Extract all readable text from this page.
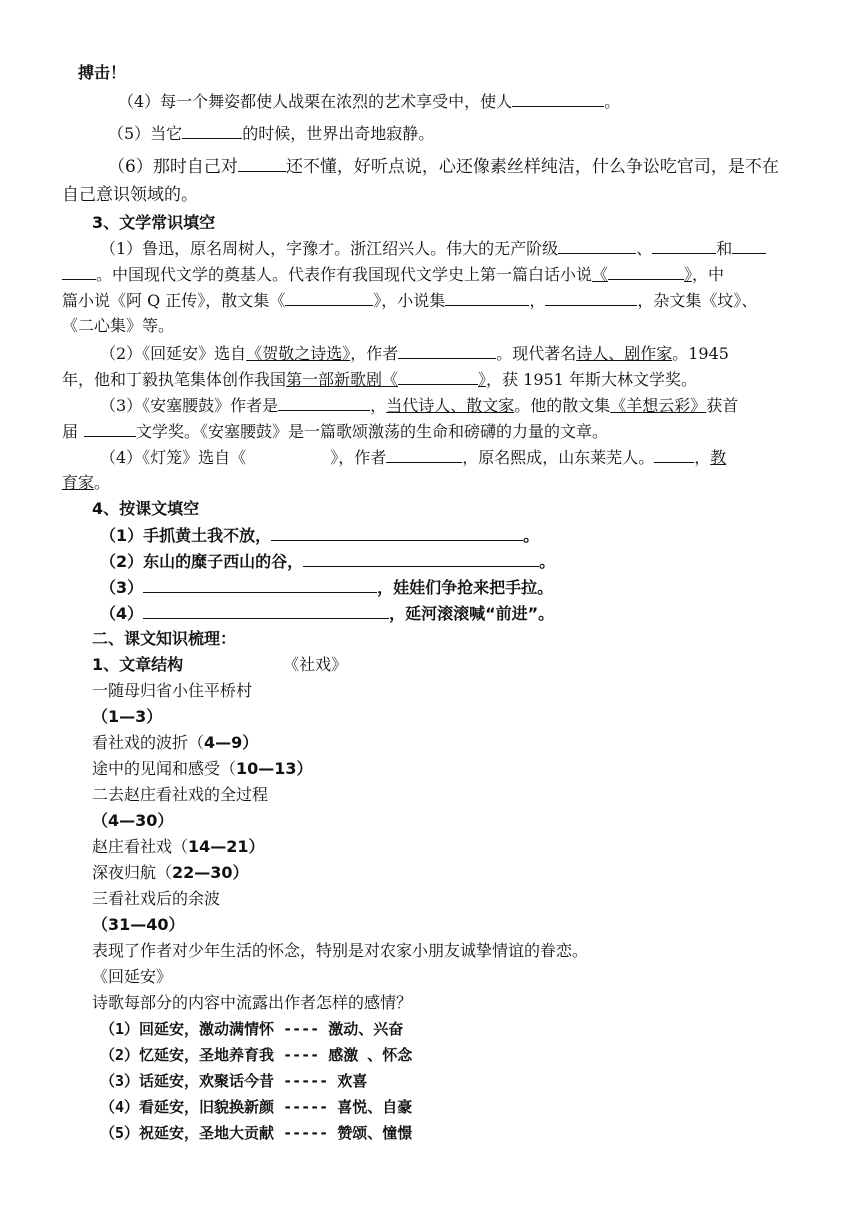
搏击！
（4）每一个舞姿都使人战栗在浓烈的艺术享受中，使人	。
（5）当它	的时候，世界出奇地寂静。
（6）那时自己对	还不懂，好听点说，心还像素丝样纯洁，什么争讼吃官司，是不在
自己意识领域的。
3、文学常识填空
（1）鲁迅，原名周树人，字豫才。浙江绍兴人。伟大的无产阶级	、	和
。中国现代文学的奠基人。代表作有我国现代文学史上第一篇白话小说《	》，中
篇小说《阿 Q 正传》，散文集《	》，小说集	，	，杂文集《坟》、
《二心集》等。
（2）《回延安》选自《贺敬之诗选》，作者	。现代著名诗人、剧作家。1945
年，他和丁毅执笔集体创作我国第一部新歌剧《	》，获 1951 年斯大林文学奖。
（3）《安塞腰鼓》作者是	，当代诗人、散文家。他的散文集《羊想云彩》获首
届	文学奖。《安塞腰鼓》是一篇歌颂激荡的生命和磅礴的力量的文章。
（4）《灯笼》选自《	》，作者	，原名熙成，山东莱芜人。	，教
育家。
4、按课文填空
（1）手抓黄土我不放，	。
（2）东山的糜子西山的谷，	。
（3）	，娃娃们争抢来把手拉。
（4）	，延河滚滚喊“前进”。
二、课文知识梳理：
1、文章结构	《社戏》
一随母归省小住平桥村
（1—3）
看社戏的波折（4—9）
途中的见闻和感受（10—13）
二去赵庄看社戏的全过程
（4—30）
赵庄看社戏（14—21）
深夜归航（22—30）
三看社戏后的余波
（31—40）
表现了作者对少年生活的怀念，特别是对农家小朋友诚挚情谊的眷恋。
《回延安》
诗歌每部分的内容中流露出作者怎样的感情？
（1）回延安，激动满情怀 ---- 激动、兴奋
（2）忆延安，圣地养育我 ---- 感激 、怀念
（3）话延安，欢聚话今昔 ----- 欢喜
（4）看延安，旧貌换新颜 ----- 喜悦、自豪
（5）祝延安，圣地大贡献 ----- 赞颂、憧憬
